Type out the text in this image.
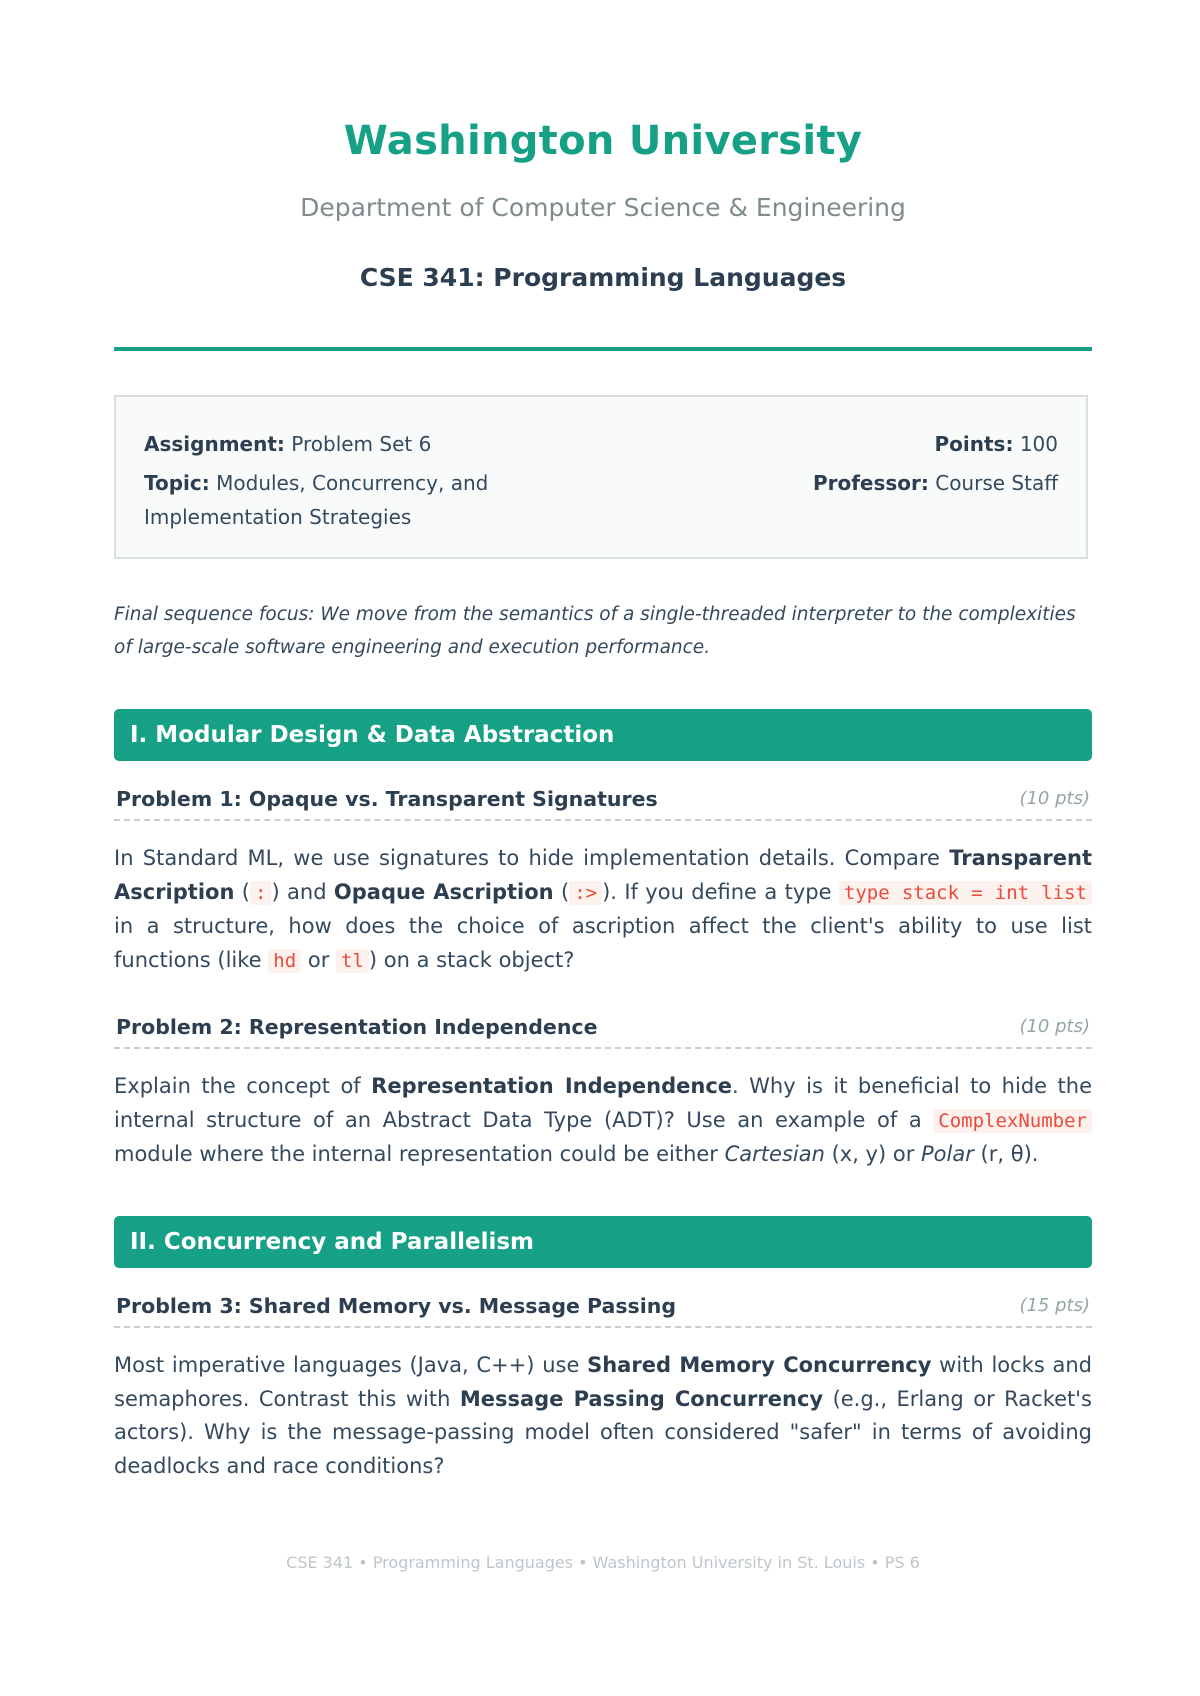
Washington University
Department of Computer Science & Engineering
CSE 341: Programming Languages
Assignment: Problem Set 6
Topic: Modules, Concurrency, and Implementation Strategies
Points: 100
Professor: Course Staff
Final sequence focus: We move from the semantics of a single-threaded interpreter to the complexities of large-scale software engineering and execution performance.
I. Modular Design & Data Abstraction
Problem 1: Opaque vs. Transparent Signatures	(10 pts)
In Standard ML, we use signatures to hide implementation details. Compare Transparent Ascription ( : ) and Opaque Ascription ( :> ). If you define a type type stack = int list in a structure, how does the choice of ascription affect the client's ability to use list functions (like hd or tl ) on a stack object?
Problem 2: Representation Independence	(10 pts)
Explain the concept of Representation Independence. Why is it beneficial to hide the internal structure of an Abstract Data Type (ADT)? Use an example of a ComplexNumber module where the internal representation could be either Cartesian (x, y) or Polar (r, θ).
II. Concurrency and Parallelism
Problem 3: Shared Memory vs. Message Passing	(15 pts)
Most imperative languages (Java, C++) use Shared Memory Concurrency with locks and semaphores. Contrast this with Message Passing Concurrency (e.g., Erlang or Racket's actors). Why is the message-passing model often considered "safer" in terms of avoiding deadlocks and race conditions?
CSE 341 • Programming Languages • Washington University in St. Louis • PS 6
